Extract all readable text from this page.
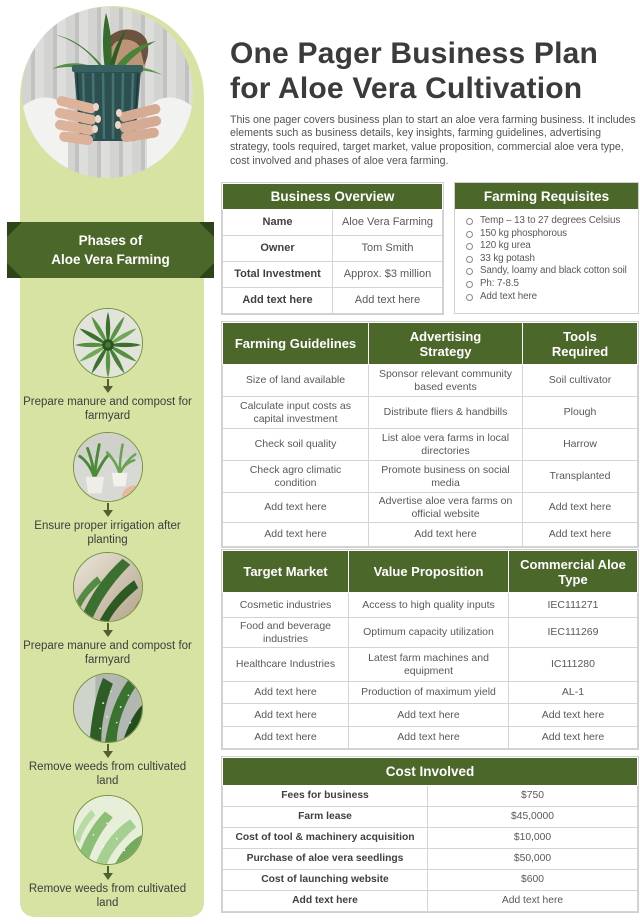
Phases of
Aloe Vera Farming
Prepare manure and compost for farmyard
Ensure proper irrigation after planting
Prepare manure and compost for farmyard
Remove weeds from cultivated land
Remove weeds from cultivated land
One Pager Business Plan
for Aloe Vera Cultivation

This one pager covers business plan to start an aloe vera farming business. It includes elements such as business details, key insights, farming guidelines, advertising strategy, tools required, target market, value proposition, commercial aloe vera type, cost involved and phases of aloe vera farming.

Business Overview	
Name	Aloe Vera Farming
Owner	Tom Smith
Total Investment	Approx. $3 million
Add text here	Add text here
Farming Requisites
Temp – 13 to 27 degrees Celsius
150 kg phosphorous
120 kg urea
33 kg potash
Sandy, loamy and black cotton soil
Ph: 7-8.5
Add text here
Farming Guidelines	Advertising Strategy	Tools Required
Size of land available	Sponsor relevant community based events	Soil cultivator
Calculate input costs as capital investment	Distribute fliers & handbills	Plough
Check soil quality	List aloe vera farms in local directories	Harrow
Check agro climatic condition	Promote business on social media	Transplanted
Add text here	Advertise aloe vera farms on official website	Add text here
Add text here	Add text here	Add text here
Target Market	Value Proposition	Commercial Aloe Type
Cosmetic industries	Access to high quality inputs	IEC111271
Food and beverage industries	Optimum capacity utilization	IEC111269
Healthcare Industries	Latest farm machines and equipment	IC111280
Add text here	Production of maximum yield	AL-1
Add text here	Add text here	Add text here
Add text here	Add text here	Add text here
Cost Involved	
Fees for business	$750
Farm lease	$45,0000
Cost of tool & machinery acquisition	$10,000
Purchase of aloe vera seedlings	$50,000
Cost of launching website	$600
Add text here	Add text here
